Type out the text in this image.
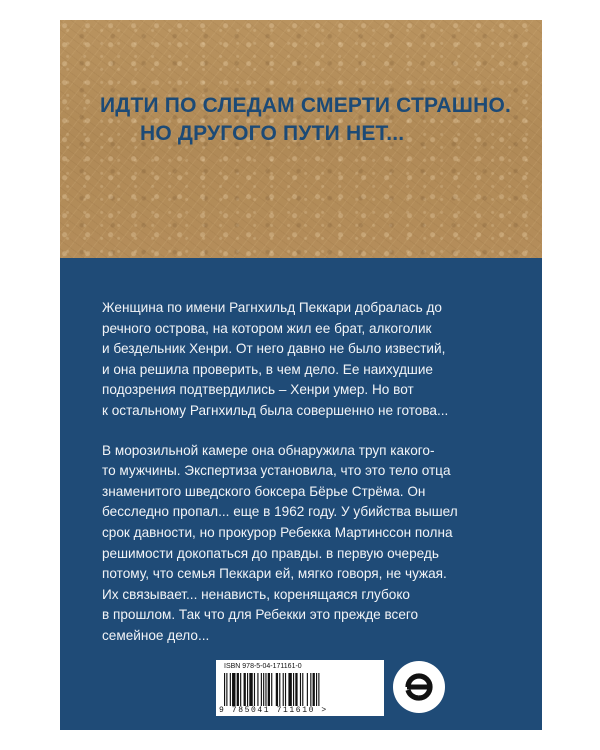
ИДТИ ПО СЛЕДАМ СМЕРТИ СТРАШНО.
НО ДРУГОГО ПУТИ НЕТ...
Женщина по имени Рагнхильд Пеккари добралась до
речного острова, на котором жил ее брат, алкоголик
и бездельник Хенри. От него давно не было известий,
и она решила проверить, в чем дело. Ее наихудшие
подозрения подтвердились – Хенри умер. Но вот
к остальному Рагнхильд была совершенно не готова...
В морозильной камере она обнаружила труп какого-
то мужчины. Экспертиза установила, что это тело отца
знаменитого шведского боксера Бёрье Стрёма. Он
бесследно пропал... еще в 1962 году. У убийства вышел
срок давности, но прокурор Ребекка Мартинссон полна
решимости докопаться до правды. в первую очередь
потому, что семья Пеккари ей, мягко говоря, не чужая.
Их связывает... ненависть, коренящаяся глубоко
в прошлом. Так что для Ребекки это прежде всего
семейное дело...
ISBN 978-5-04-171161-0
9 785041 711610 >
